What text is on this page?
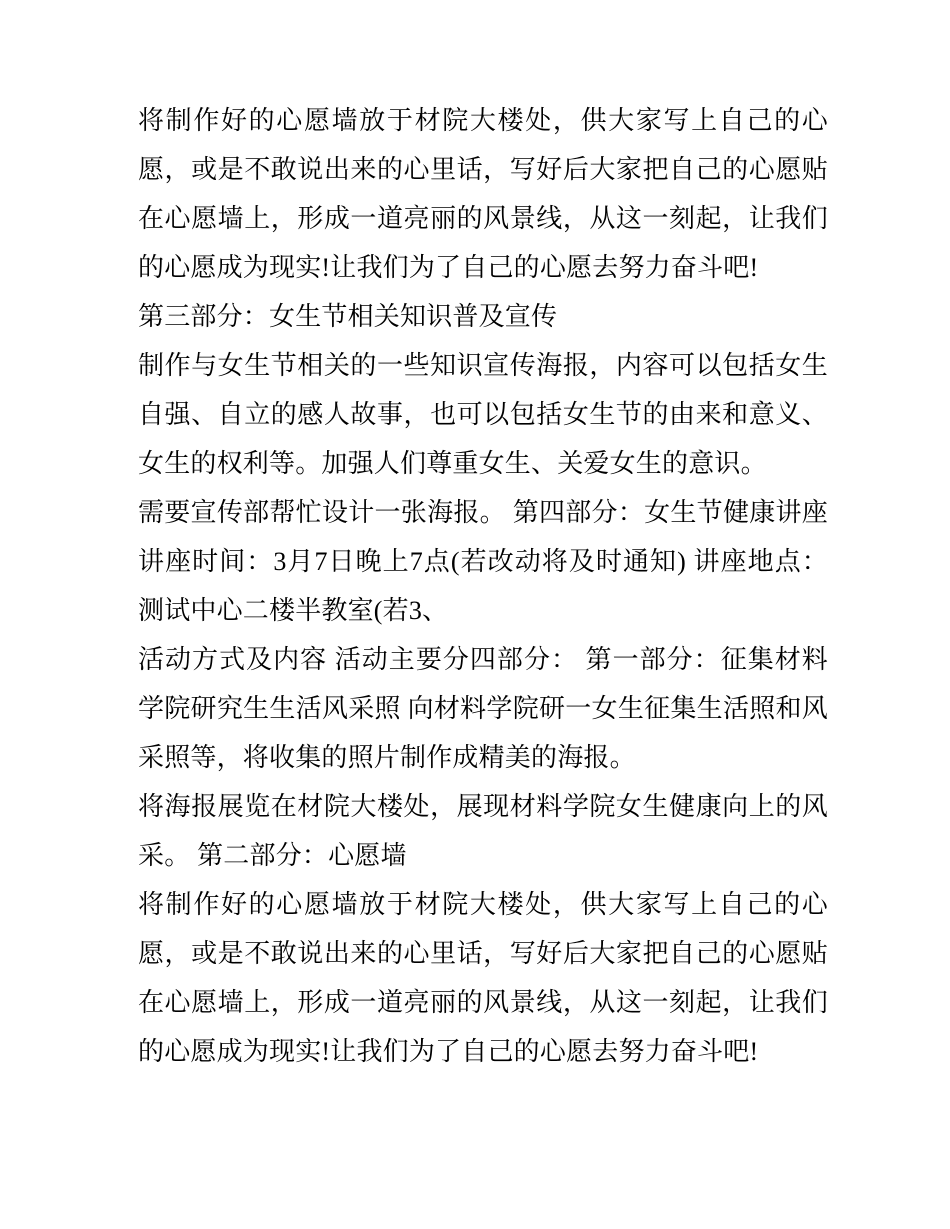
将制作好的心愿墙放于材院大楼处，供大家写上自己的心愿，或是不敢说出来的心里话，写好后大家把自己的心愿贴在心愿墙上，形成一道亮丽的风景线，从这一刻起，让我们的心愿成为现实!让我们为了自己的心愿去努力奋斗吧!

第三部分：女生节相关知识普及宣传

制作与女生节相关的一些知识宣传海报，内容可以包括女生自强、自立的感人故事，也可以包括女生节的由来和意义、女生的权利等。加强人们尊重女生、关爱女生的意识。

需要宣传部帮忙设计一张海报。 第四部分：女生节健康讲座讲座时间：3月7日晚上7点(若改动将及时通知) 讲座地点：测试中心二楼半教室(若3、

活动方式及内容 活动主要分四部分： 第一部分：征集材料学院研究生生活风采照 向材料学院研一女生征集生活照和风采照等，将收集的照片制作成精美的海报。

将海报展览在材院大楼处，展现材料学院女生健康向上的风采。 第二部分：心愿墙

将制作好的心愿墙放于材院大楼处，供大家写上自己的心愿，或是不敢说出来的心里话，写好后大家把自己的心愿贴在心愿墙上，形成一道亮丽的风景线，从这一刻起，让我们的心愿成为现实!让我们为了自己的心愿去努力奋斗吧!
